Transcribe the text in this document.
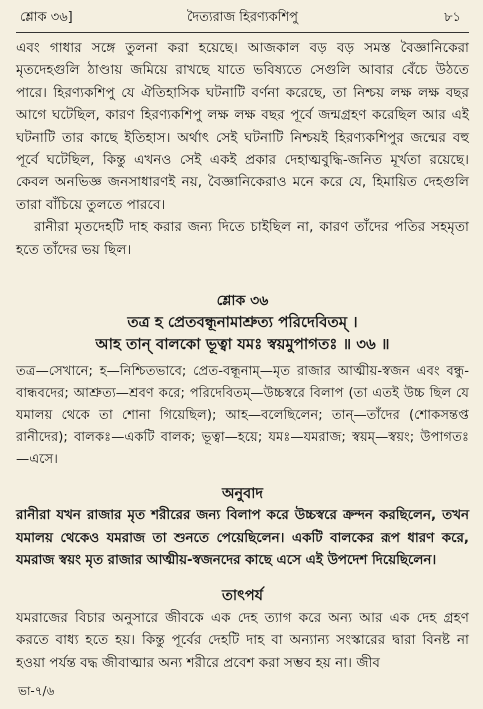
শ্লোক ৩৬]	দৈত্যরাজ হিরণ্যকশিপু	৮১

এবং গাধার সঙ্গে তুলনা করা হয়েছে। আজকাল বড় বড় সমস্ত বৈজ্ঞানিকেরা মৃতদেহগুলি ঠাণ্ডায় জমিয়ে রাখছে যাতে ভবিষ্যতে সেগুলি আবার বেঁচে উঠতে পারে। হিরণ্যকশিপু যে ঐতিহাসিক ঘটনাটি বর্ণনা করেছে, তা নিশ্চয় লক্ষ লক্ষ বছর আগে ঘটেছিল, কারণ হিরণ্যকশিপু লক্ষ লক্ষ বছর পূর্বে জন্মগ্রহণ করেছিল আর এই ঘটনাটি তার কাছে ইতিহাস। অর্থাৎ সেই ঘটনাটি নিশ্চয়ই হিরণ্যকশিপুর জন্মের বহু পূর্বে ঘটেছিল, কিন্তু এখনও সেই একই প্রকার দেহাত্মবুদ্ধি-জনিত মূর্খতা রয়েছে। কেবল অনভিজ্ঞ জনসাধারণই নয়, বৈজ্ঞানিকেরাও মনে করে যে, হিমায়িত দেহগুলি তারা বাঁচিয়ে তুলতে পারবে।

রানীরা মৃতদেহটি দাহ করার জন্য দিতে চাইছিল না, কারণ তাঁদের পতির সহমৃতা হতে তাঁদের ভয় ছিল।

শ্লোক ৩৬
তত্র হ প্রেতবন্ধূনামাশ্রুত্য পরিদেবিতম্ ।
আহ তান্ বালকো ভূত্বা যমঃ স্বয়মুপাগতঃ ॥ ৩৬ ॥

তত্র—সেখানে; হ—নিশ্চিতভাবে; প্রেত-বন্ধূনাম্—মৃত রাজার আত্মীয়-স্বজন এবং বন্ধু-বান্ধবদের; আশ্রুত্য—শ্রবণ করে; পরিদেবিতম্—উচ্চস্বরে বিলাপ (তা এতই উচ্চ ছিল যে যমালয় থেকে তা শোনা গিয়েছিল); আহ—বলেছিলেন; তান্—তাঁদের (শোকসন্তপ্ত রানীদের); বালকঃ—একটি বালক; ভূত্বা—হয়ে; যমঃ—যমরাজ; স্বয়ম্—স্বয়ং; উপাগতঃ—এসে।

অনুবাদ

রানীরা যখন রাজার মৃত শরীরের জন্য বিলাপ করে উচ্চস্বরে ক্রন্দন করছিলেন, তখন যমালয় থেকেও যমরাজ তা শুনতে পেয়েছিলেন। একটি বালকের রূপ ধারণ করে, যমরাজ স্বয়ং মৃত রাজার আত্মীয়-স্বজনদের কাছে এসে এই উপদেশ দিয়েছিলেন।

তাৎপর্য

যমরাজের বিচার অনুসারে জীবকে এক দেহ ত্যাগ করে অন্য আর এক দেহ গ্রহণ করতে বাধ্য হতে হয়। কিন্তু পূর্বের দেহটি দাহ বা অন্যান্য সংস্কারের দ্বারা বিনষ্ট না হওয়া পর্যন্ত বদ্ধ জীবাত্মার অন্য শরীরে প্রবেশ করা সম্ভব হয় না। জীব

ভা-৭/৬
